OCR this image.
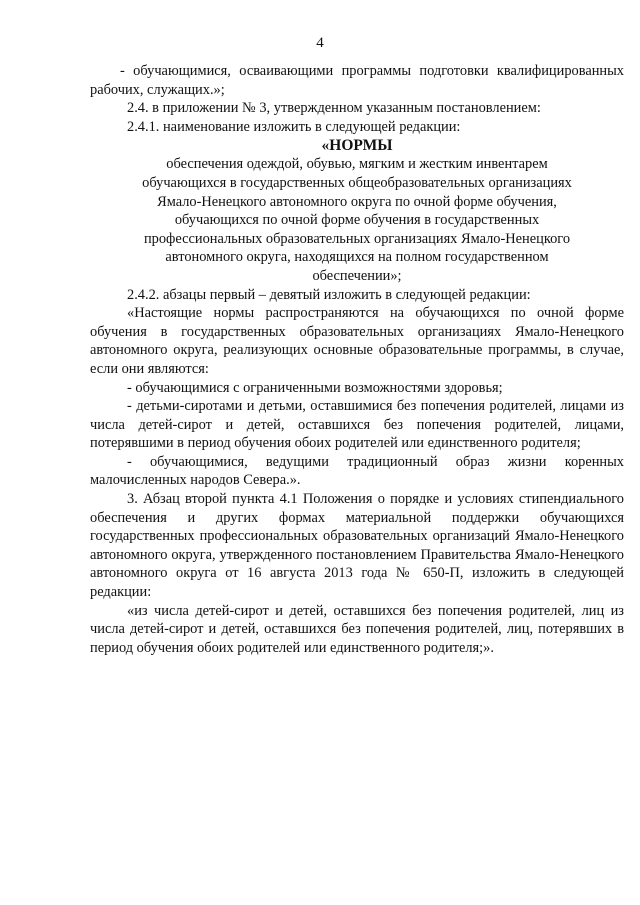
4

- обучающимися, осваивающими программы подготовки квалифицированных рабочих, служащих.»;

2.4. в приложении № 3, утвержденном указанным постановлением:

2.4.1. наименование изложить в следующей редакции:

«НОРМЫ

обеспечения одеждой, обувью, мягким и жестким инвентарем обучающихся в государственных общеобразовательных организациях Ямало-Ненецкого автономного округа по очной форме обучения, обучающихся по очной форме обучения в государственных профессиональных образовательных организациях Ямало-Ненецкого автономного округа, находящихся на полном государственном обеспечении»;

2.4.2. абзацы первый – девятый изложить в следующей редакции:

«Настоящие нормы распространяются на обучающихся по очной форме обучения в государственных образовательных организациях Ямало-Ненецкого автономного округа, реализующих основные образовательные программы, в случае, если они являются:

- обучающимися с ограниченными возможностями здоровья;

- детьми-сиротами и детьми, оставшимися без попечения родителей, лицами из числа детей-сирот и детей, оставшихся без попечения родителей, лицами, потерявшими в период обучения обоих родителей или единственного родителя;

- обучающимися, ведущими традиционный образ жизни коренных малочисленных народов Севера.».

3. Абзац второй пункта 4.1 Положения о порядке и условиях стипендиального обеспечения и других формах материальной поддержки обучающихся государственных профессиональных образовательных организаций Ямало-Ненецкого автономного округа, утвержденного постановлением Правительства Ямало-Ненецкого автономного округа от 16 августа 2013 года № 650-П, изложить в следующей редакции:

«из числа детей-сирот и детей, оставшихся без попечения родителей, лиц из числа детей-сирот и детей, оставшихся без попечения родителей, лиц, потерявших в период обучения обоих родителей или единственного родителя;».
